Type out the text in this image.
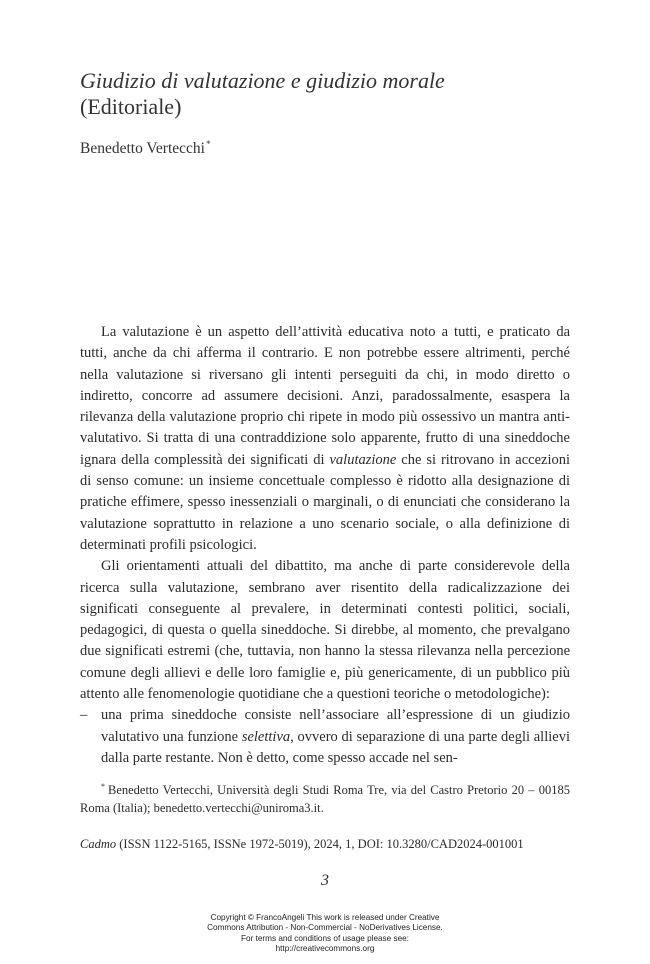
Giudizio di valutazione e giudizio morale
(Editoriale)
Benedetto Vertecchi*

La valutazione è un aspetto dell’attività educativa noto a tutti, e praticato da tutti, anche da chi afferma il contrario. E non potrebbe essere altrimenti, perché nella valutazione si riversano gli intenti perseguiti da chi, in modo diretto o indiretto, concorre ad assumere decisioni. Anzi, paradossalmente, esaspera la rilevanza della valutazione proprio chi ripete in modo più ossessivo un mantra anti-valutativo. Si tratta di una contraddizione solo apparente, frutto di una sineddoche ignara della complessità dei significati di valutazione che si ritrovano in accezioni di senso comune: un insieme concettuale complesso è ridotto alla designazione di pratiche effimere, spesso inessenziali o marginali, o di enunciati che considerano la valutazione soprattutto in relazione a uno scenario sociale, o alla definizione di determinati profili psicologici.

Gli orientamenti attuali del dibattito, ma anche di parte considerevole della ricerca sulla valutazione, sembrano aver risentito della radicalizzazione dei significati conseguente al prevalere, in determinati contesti politici, sociali, pedagogici, di questa o quella sineddoche. Si direbbe, al momento, che prevalgano due significati estremi (che, tuttavia, non hanno la stessa rilevanza nella percezione comune degli allievi e delle loro famiglie e, più genericamente, di un pubblico più attento alle fenomenologie quotidiane che a questioni teoriche o metodologiche):

– una prima sineddoche consiste nell’associare all’espressione di un giudizio valutativo una funzione selettiva, ovvero di separazione di una parte degli allievi dalla parte restante. Non è detto, come spesso accade nel sen-
* Benedetto Vertecchi, Università degli Studi Roma Tre, via del Castro Pretorio 20 – 00185 Roma (Italia); benedetto.vertecchi@uniroma3.it.
Cadmo (ISSN 1122-5165, ISSNe 1972-5019), 2024, 1, DOI: 10.3280/CAD2024-001001
3
Copyright © FrancoAngeli This work is released under Creative
Commons Attribution - Non-Commercial - NoDerivatives License.
For terms and conditions of usage please see:
http://creativecommons.org
